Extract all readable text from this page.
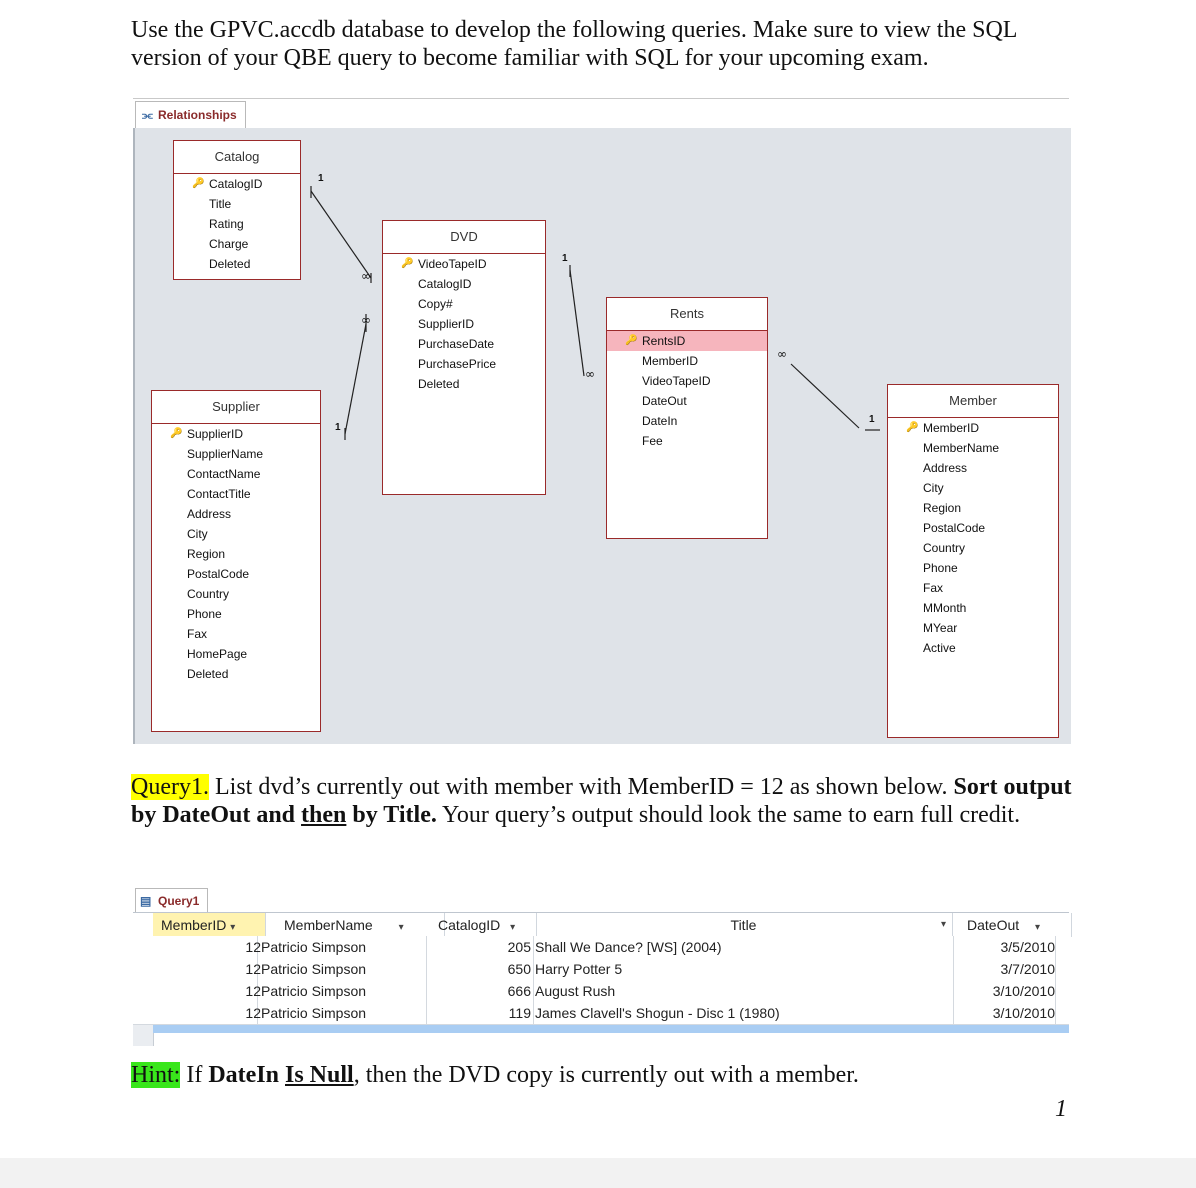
Use the GPVC.accdb database to develop the following queries. Make sure to view the SQL version of your QBE query to become familiar with SQL for your upcoming exam.
⫘ Relationships
1
1
1
1
∞
∞
∞
∞
Catalog
🔑 CatalogID
Title
Rating
Charge
Deleted
DVD
🔑 VideoTapeID
CatalogID
Copy#
SupplierID
PurchaseDate
PurchasePrice
Deleted
Rents
🔑 RentsID
MemberID
VideoTapeID
DateOut
DateIn
Fee
Supplier
🔑 SupplierID
SupplierName
ContactName
ContactTitle
Address
City
Region
PostalCode
Country
Phone
Fax
HomePage
Deleted
Member
🔑 MemberID
MemberName
Address
City
Region
PostalCode
Country
Phone
Fax
MMonth
MYear
Active
Query1. List dvd’s currently out with member with MemberID = 12 as shown below. Sort output by DateOut and then by Title. Your query’s output should look the same to earn full credit.
▤ Query1
MemberID ▾	MemberName	▾	CatalogID ▾	Title	▾	DateOut ▾
12 Patricio Simpson	205 Shall We Dance? [WS] (2004)	3/5/2010
12 Patricio Simpson	650 Harry Potter 5	3/7/2010
12 Patricio Simpson	666 August Rush	3/10/2010
12 Patricio Simpson	119 James Clavell's Shogun - Disc 1 (1980)	3/10/2010
Hint: If DateIn Is Null, then the DVD copy is currently out with a member.
1
